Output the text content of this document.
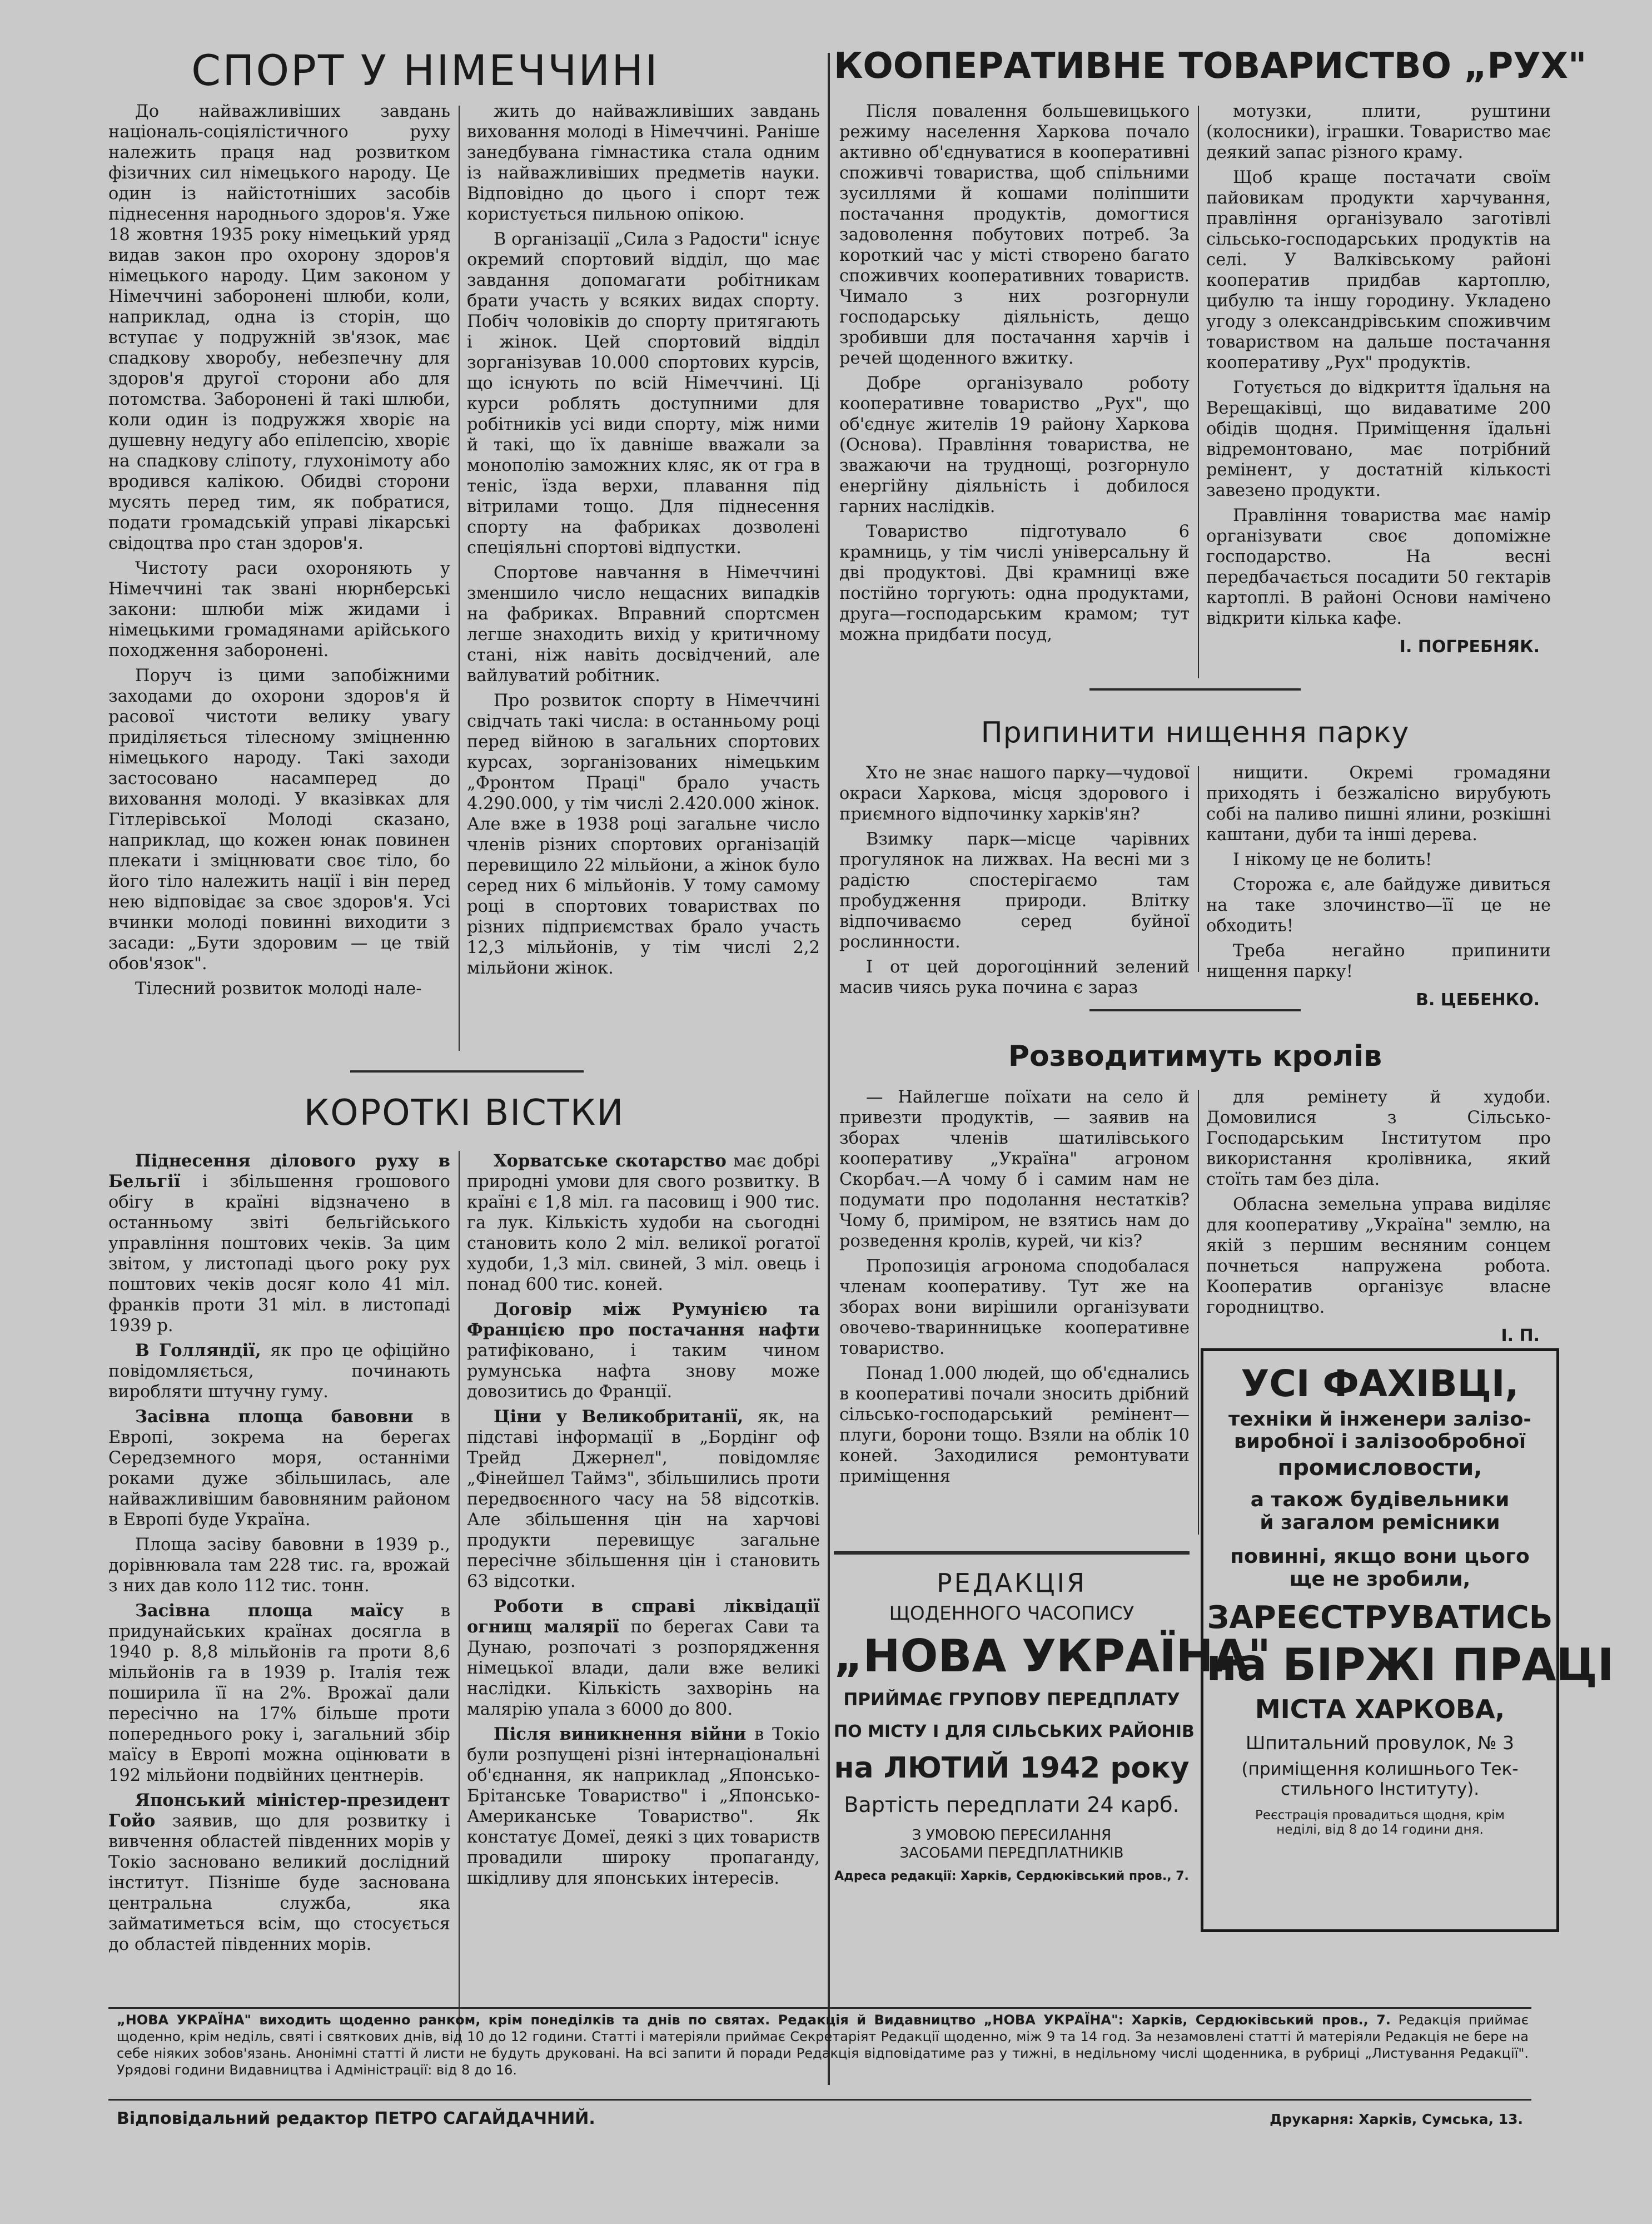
СПОРТ У НІМЕЧЧИНІ

До найважливіших завдань національ-соціялістичного руху належить праця над розвитком фізичних сил німецького народу. Це один із найістотніших засобів піднесення народнього здоров'я. Уже 18 жовтня 1935 року німецький уряд видав закон про охорону здоров'я німецького народу. Цим законом у Німеччині заборонені шлюби, коли, наприклад, одна із сторін, що вступає у подружній зв'язок, має спадкову хворобу, небезпечну для здоров'я другої сторони або для потомства. Заборонені й такі шлюби, коли один із подружжя хворіє на душевну недугу або епілепсію, хворіє на спадкову сліпоту, глухонімоту або вродився калікою. Обидві сторони мусять перед тим, як побратися, подати громадській управі лікарські свідоцтва про стан здоров'я.

Чистоту раси охороняють у Німеччині так звані нюрнберські закони: шлюби між жидами і німецькими громадянами арійського походження заборонені.

Поруч із цими запобіжними заходами до охорони здоров'я й расової чистоти велику увагу приділяється тілесному зміцненню німецького народу. Такі заходи застосовано насамперед до виховання молоді. У вказівках для Гітлерівської Молоді сказано, наприклад, що кожен юнак повинен плекати і зміцнювати своє тіло, бо його тіло належить нації і він перед нею відповідає за своє здоров'я. Усі вчинки молоді повинні виходити з засади: „Бути здоровим — це твій обов'язок".

Тілесний розвиток молоді нале-

жить до найважливіших завдань виховання молоді в Німеччині. Раніше занедбувана гімнастика стала одним із найважливіших предметів науки. Відповідно до цього і спорт теж користується пильною опікою.

В організації „Сила з Радости" існує окремий спортовий відділ, що має завдання допомагати робітникам брати участь у всяких видах спорту. Побіч чоловіків до спорту притягають і жінок. Цей спортовий відділ зорганізував 10.000 спортових курсів, що існують по всій Німеччині. Ці курси роблять доступними для робітників усі види спорту, між ними й такі, що їх давніше вважали за монополію заможних кляс, як от гра в теніс, їзда верхи, плавання під вітрилами тощо. Для піднесення спорту на фабриках дозволені спеціяльні спортові відпустки.

Спортове навчання в Німеччині зменшило число нещасних випадків на фабриках. Вправний спортсмен легше знаходить вихід у критичному стані, ніж навіть досвідчений, але вайлуватий робітник.

Про розвиток спорту в Німеччині свідчать такі числа: в останньому році перед війною в загальних спортових курсах, зорганізованих німецьким „Фронтом Праці" брало участь 4.290.000, у тім числі 2.420.000 жінок. Але вже в 1938 році загальне число членів різних спортових організацій перевищило 22 мільйони, а жінок було серед них 6 мільйонів. У тому самому році в спортових товариствах по різних підприємствах брало участь 12,3 мільйонів, у тім числі 2,2 мільйони жінок.

КОРОТКІ ВІСТКИ

Піднесення ділового руху в Бельгії і збільшення грошового обігу в країні відзначено в останньому звіті бельгійського управління поштових чеків. За цим звітом, у листопаді цього року рух поштових чеків досяг коло 41 міл. франків проти 31 міл. в листопаді 1939 р.

В Голляндії, як про це офіційно повідомляється, починають виробляти штучну гуму.

Засівна площа бавовни в Европі, зокрема на берегах Середземного моря, останніми роками дуже збільшилась, але найважливішим бавовняним районом в Европі буде Україна.

Площа засіву бавовни в 1939 р., дорівнювала там 228 тис. га, врожай з них дав коло 112 тис. тонн.

Засівна площа маїсу в придунайських країнах досягла в 1940 р. 8,8 мільйонів га проти 8,6 мільйонів га в 1939 р. Італія теж поширила її на 2%. Врожаї дали пересічно на 17% більше проти попереднього року і, загальний збір маїсу в Европі можна оцінювати в 192 мільйони подвійних центнерів.

Японський міністер-президент Гойо заявив, що для розвитку і вивчення областей південних морів у Токіо засновано великий дослідний інститут. Пізніше буде заснована центральна служба, яка займатиметься всім, що стосується до областей південних морів.

Хорватське скотарство має добрі природні умови для свого розвитку. В країні є 1,8 міл. га пасовищ і 900 тис. га лук. Кількість худоби на сьогодні становить коло 2 міл. великої рогатої худоби, 1,3 міл. свиней, 3 міл. овець і понад 600 тис. коней.

Договір між Румунією та Францією про постачання нафти ратифіковано, і таким чином румунська нафта знову може довозитись до Франції.

Ціни у Великобританії, як, на підставі інформації в „Бордінг оф Трейд Джернел", повідомляє „Фінейшел Таймз", збільшились проти передвоєнного часу на 58 відсотків. Але збільшення цін на харчові продукти перевищує загальне пересічне збільшення цін і становить 63 відсотки.

Роботи в справі ліквідації огнищ малярії по берегах Сави та Дунаю, розпочаті з розпорядження німецької влади, дали вже великі наслідки. Кількість захворінь на малярію упала з 6000 до 800.

Після виникнення війни в Токіо були розпущені різні інтернаціональні об'єднання, як наприклад „Японсько-Брітанське Товариство" і „Японсько-Американське Товариство". Як констатує Домеї, деякі з цих товариств провадили широку пропаганду, шкідливу для японських інтересів.

КООПЕРАТИВНЕ ТОВАРИСТВО „РУХ"

Після повалення большевицького режиму населення Харкова почало активно об'єднуватися в кооперативні споживчі товариства, щоб спільними зусиллями й кошами поліпшити постачання продуктів, домогтися задоволення побутових потреб. За короткий час у місті створено багато споживчих кооперативних товариств. Чимало з них розгорнули господарську діяльність, дещо зробивши для постачання харчів і речей щоденного вжитку.

Добре організувало роботу кооперативне товариство „Рух", що об'єднує жителів 19 району Харкова (Основа). Правління товариства, не зважаючи на труднощі, розгорнуло енергійну діяльність і добилося гарних наслідків.

Товариство підготувало 6 крамниць, у тім числі універсальну й дві продуктові. Дві крамниці вже постійно торгують: одна продуктами, друга—господарським крамом; тут можна придбати посуд,

мотузки, плити, руштини (колосники), іграшки. Товариство має деякий запас різного краму.

Щоб краще постачати своїм пайовикам продукти харчування, правління організувало заготівлі сільсько-господарських продуктів на селі. У Валківському районі кооператив придбав картоплю, цибулю та іншу городину. Укладено угоду з олександрівським споживчим товариством на дальше постачання кооперативу „Рух" продуктів.

Готується до відкриття їдальня на Верещаківці, що видаватиме 200 обідів щодня. Приміщення їдальні відремонтовано, має потрібний ремінент, у достатній кількості завезено продукти.

Правління товариства має намір організувати своє допоміжне господарство. На весні передбачається посадити 50 гектарів картоплі. В районі Основи намічено відкрити кілька кафе.

І. ПОГРЕБНЯК.
Припинити нищення парку

Хто не знає нашого парку—чудової окраси Харкова, місця здорового і приємного відпочинку харків'ян?

Взимку парк—місце чарівних прогулянок на лижвах. На весні ми з радістю спостерігаємо там пробудження природи. Влітку відпочиваємо серед буйної рослинности.

І от цей дорогоцінний зелений масив чиясь рука почина є зараз

нищити. Окремі громадяни приходять і безжалісно вирубують собі на паливо пишні ялини, розкішні каштани, дуби та інші дерева.

І нікому це не болить!

Сторожа є, але байдуже дивиться на таке злочинство—її це не обходить!

Треба негайно припинити нищення парку!

В. ЦЕБЕНКО.
Розводитимуть кролів

— Найлегше поїхати на село й привезти продуктів, — заявив на зборах членів шатилівського кооперативу „Україна" агроном Скорбач.—А чому б і самим нам не подумати про подолання нестатків? Чому б, приміром, не взятись нам до розведення кролів, курей, чи кіз?

Пропозиція агронома сподобалася членам кооперативу. Тут же на зборах вони вирішили організувати овочево-тваринницьке кооперативне товариство.

Понад 1.000 людей, що об'єднались в кооперативі почали зносить дрібний сільсько-господарський ремінент—плуги, борони тощо. Взяли на облік 10 коней. Заходилися ремонтувати приміщення

для ремінету й худоби. Домовилися з Сільсько-Господарським Інститутом про використання кролівника, який стоїть там без діла.

Обласна земельна управа виділяє для кооперативу „Україна" землю, на якій з першим весняним сонцем почнеться напружена робота. Кооператив організує власне городництво.

І. П.
РЕДАКЦІЯ
ЩОДЕННОГО ЧАСОПИСУ
„НОВА УКРАЇНА"
ПРИЙМАЄ ГРУПОВУ ПЕРЕДПЛАТУ
ПО МІСТУ І ДЛЯ СІЛЬСЬКИХ РАЙОНІВ
на ЛЮТИЙ 1942 року
Вартість передплати 24 карб.
З УМОВОЮ ПЕРЕСИЛАННЯ
ЗАСОБАМИ ПЕРЕДПЛАТНИКІВ
Адреса редакції: Харків, Сердюківський пров., 7.
УСІ ФАХІВЦІ,
техніки й інженери залізо-
виробної і залізообробної
промисловости,
а також будівельники
й загалом ремісники
повинні, якщо вони цього
ще не зробили,
ЗАРЕЄСТРУВАТИСЬ
на БІРЖІ ПРАЦІ
МІСТА ХАРКОВА,
Шпитальний провулок, № 3
(приміщення колишнього Тек-
стильного Інституту).
Реєстрація провадиться щодня, крім
неділі, від 8 до 14 години дня.
„НОВА УКРАЇНА" виходить щоденно ранком, крім понеділків та днів по святах. Редакція й Видавництво „НОВА УКРАЇНА": Харків, Сердюківський пров., 7. Редакція приймає щоденно, крім неділь, святі і святкових днів, від 10 до 12 години. Статті і матеріяли приймає Секретаріят Редакції щоденно, між 9 та 14 год. За незамовлені статті й матеріяли Редакція не бере на себе ніяких зобов'язань. Анонімні статті й листи не будуть друковані. На всі запити й поради Редакція відповідатиме раз у тижні, в недільному числі щоденника, в рубриці „Листування Редакції". Урядові години Видавництва і Адміністрації: від 8 до 16.
Відповідальний редактор ПЕТРО САГАЙДАЧНИЙ.	Друкарня: Харків, Сумська, 13.
